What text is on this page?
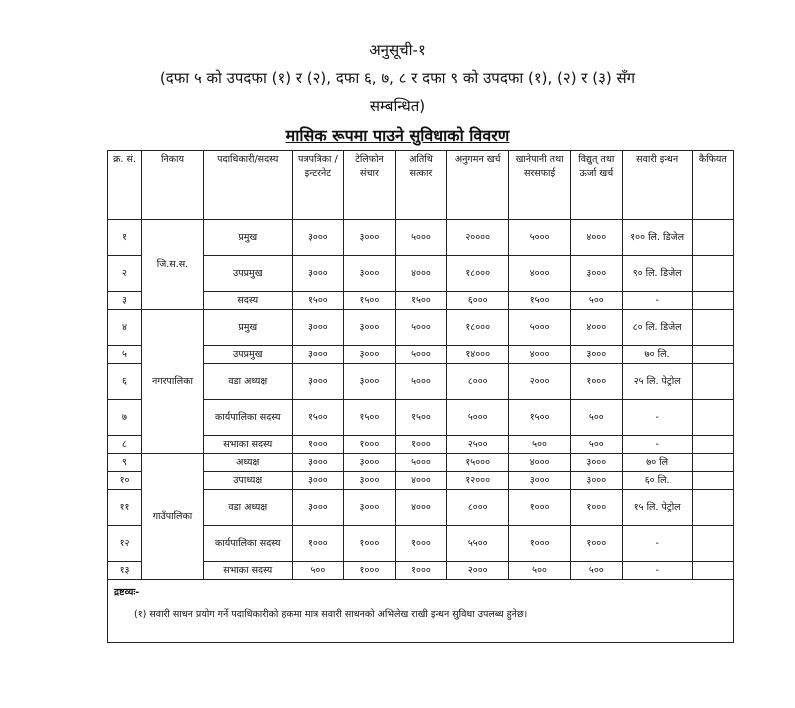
अनुसूची-१
(दफा ५ को उपदफा (१) र (२), दफा ६, ७, ८ र दफा ९ को उपदफा (१), (२) र (३) सँग
सम्बन्धित)
मासिक रूपमा पाउने सुविधाको विवरण
क्र. सं.	निकाय	पदाधिकारी/सदस्य	पत्रपत्रिका /इन्टरनेट	टेलिफोन संचार	अतिथि सत्कार	अनुगमन खर्च	खानेपानी तथा सरसफाई	विद्युत् तथा ऊर्जा खर्च	सवारी इन्धन	कैफियत
१	जि.स.स.	प्रमुख	३०००	३०००	५०००	२००००	५०००	४०००	१०० लि. डिजेल	
२		उपप्रमुख	३०००	३०००	४०००	१८०००	४०००	३०००	९० लि. डिजेल	
३		सदस्य	१५००	१५००	१५००	६०००	१५००	५००	-	
४	नगरपालिका	प्रमुख	३०००	३०००	५०००	१८०००	५०००	४०००	८० लि. डिजेल	
५		उपप्रमुख	३०००	३०००	५०००	१४०००	४०००	३०००	७० लि.	
६		वडा अध्यक्ष	३०००	३०००	५०००	८०००	२०००	१०००	२५ लि. पेट्रोल	
७		कार्यपालिका सदस्य	१५००	१५००	१५००	५०००	१५००	५००	-	
८		सभाका सदस्य	१०००	१०००	१०००	२५००	५००	५००	-	
९	गाउँपालिका	अध्यक्ष	३०००	३०००	५०००	१५०००	४०००	३०००	७० लि	
१०		उपाध्यक्ष	३०००	३०००	४०००	१२०००	३०००	३०००	६० लि.	
११		वडा अध्यक्ष	३०००	३०००	४०००	८०००	१०००	१०००	१५ लि. पेट्रोल	
१२		कार्यपालिका सदस्य	१०००	१०००	१०००	५५००	१०००	१०००	-	
१३		सभाका सदस्य	५००	१०००	१०००	२०००	५००	५००	-	
द्रष्टव्यः-

(१) सवारी साधन प्रयोग गर्ने पदाधिकारीको हकमा मात्र सवारी साधनको अभिलेख राखी इन्धन सुविधा उपलब्ध हुनेछ।										
